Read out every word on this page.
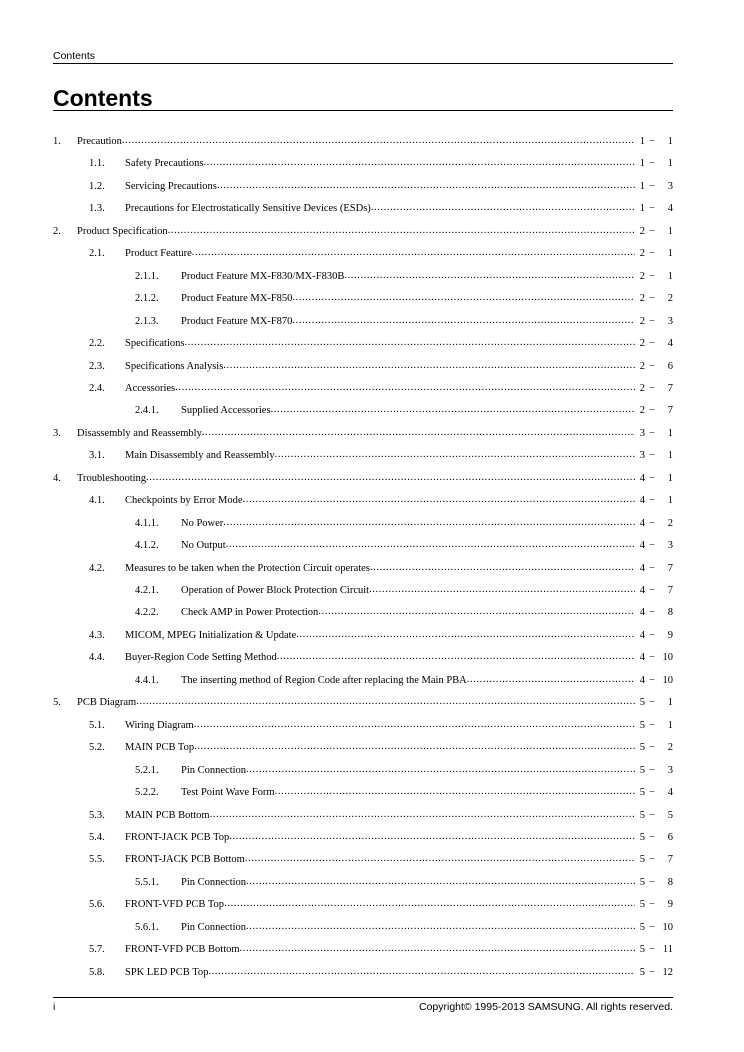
Contents
Contents
1.	Precaution .....	1 −	1
1.1.	Safety Precautions .....	1 −	1
1.2.	Servicing Precautions .....	1 −	3
1.3.	Precautions for Electrostatically Sensitive Devices (ESDs) .....	1 −	4
2.	Product Specification .....	2 −	1
2.1.	Product Feature .....	2 −	1
2.1.1.	Product Feature MX-F830/MX-F830B .....	2 −	1
2.1.2.	Product Feature MX-F850 .....	2 −	2
2.1.3.	Product Feature MX-F870 .....	2 −	3
2.2.	Specifications .....	2 −	4
2.3.	Specifications Analysis .....	2 −	6
2.4.	Accessories .....	2 −	7
2.4.1.	Supplied Accessories .....	2 −	7
3.	Disassembly and Reassembly .....	3 −	1
3.1.	Main Disassembly and Reassembly .....	3 −	1
4.	Troubleshooting .....	4 −	1
4.1.	Checkpoints by Error Mode .....	4 −	1
4.1.1.	No Power .....	4 −	2
4.1.2.	No Output .....	4 −	3
4.2.	Measures to be taken when the Protection Circuit operates .....	4 −	7
4.2.1.	Operation of Power Block Protection Circuit .....	4 −	7
4.2.2.	Check AMP in Power Protection .....	4 −	8
4.3.	MICOM, MPEG Initialization & Update .....	4 −	9
4.4.	Buyer-Region Code Setting Method .....	4 − 10
4.4.1.	The inserting method of Region Code after replacing the Main PBA .....	4 − 10
5.	PCB Diagram .....	5 −	1
5.1.	Wiring Diagram .....	5 −	1
5.2.	MAIN PCB Top .....	5 −	2
5.2.1.	Pin Connection .....	5 −	3
5.2.2.	Test Point Wave Form .....	5 −	4
5.3.	MAIN PCB Bottom .....	5 −	5
5.4.	FRONT-JACK PCB Top .....	5 −	6
5.5.	FRONT-JACK PCB Bottom .....	5 −	7
5.5.1.	Pin Connection .....	5 −	8
5.6.	FRONT-VFD PCB Top .....	5 −	9
5.6.1.	Pin Connection .....	5 − 10
5.7.	FRONT-VFD PCB Bottom .....	5 − 11
5.8.	SPK LED PCB Top .....	5 − 12
i	Copyright© 1995-2013 SAMSUNG. All rights reserved.
